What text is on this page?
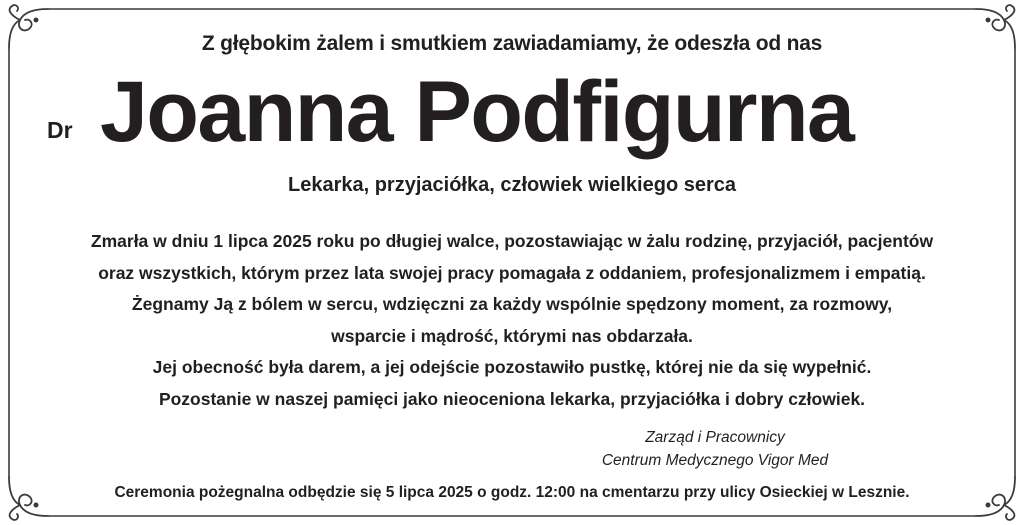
Z głębokim żalem i smutkiem zawiadamiamy, że odeszła od nas
Dr Joanna Podfigurna
Lekarka, przyjaciółka, człowiek wielkiego serca
Zmarła w dniu 1 lipca 2025 roku po długiej walce, pozostawiając w żalu rodzinę, przyjaciół, pacjentów
oraz wszystkich, którym przez lata swojej pracy pomagała z oddaniem, profesjonalizmem i empatią.
Żegnamy Ją z bólem w sercu, wdzięczni za każdy wspólnie spędzony moment, za rozmowy,
wsparcie i mądrość, którymi nas obdarzała.
Jej obecność była darem, a jej odejście pozostawiło pustkę, której nie da się wypełnić.
Pozostanie w naszej pamięci jako nieoceniona lekarka, przyjaciółka i dobry człowiek.
Zarząd i Pracownicy
Centrum Medycznego Vigor Med
Ceremonia pożegnalna odbędzie się 5 lipca 2025 o godz. 12:00 na cmentarzu przy ulicy Osieckiej w Lesznie.
